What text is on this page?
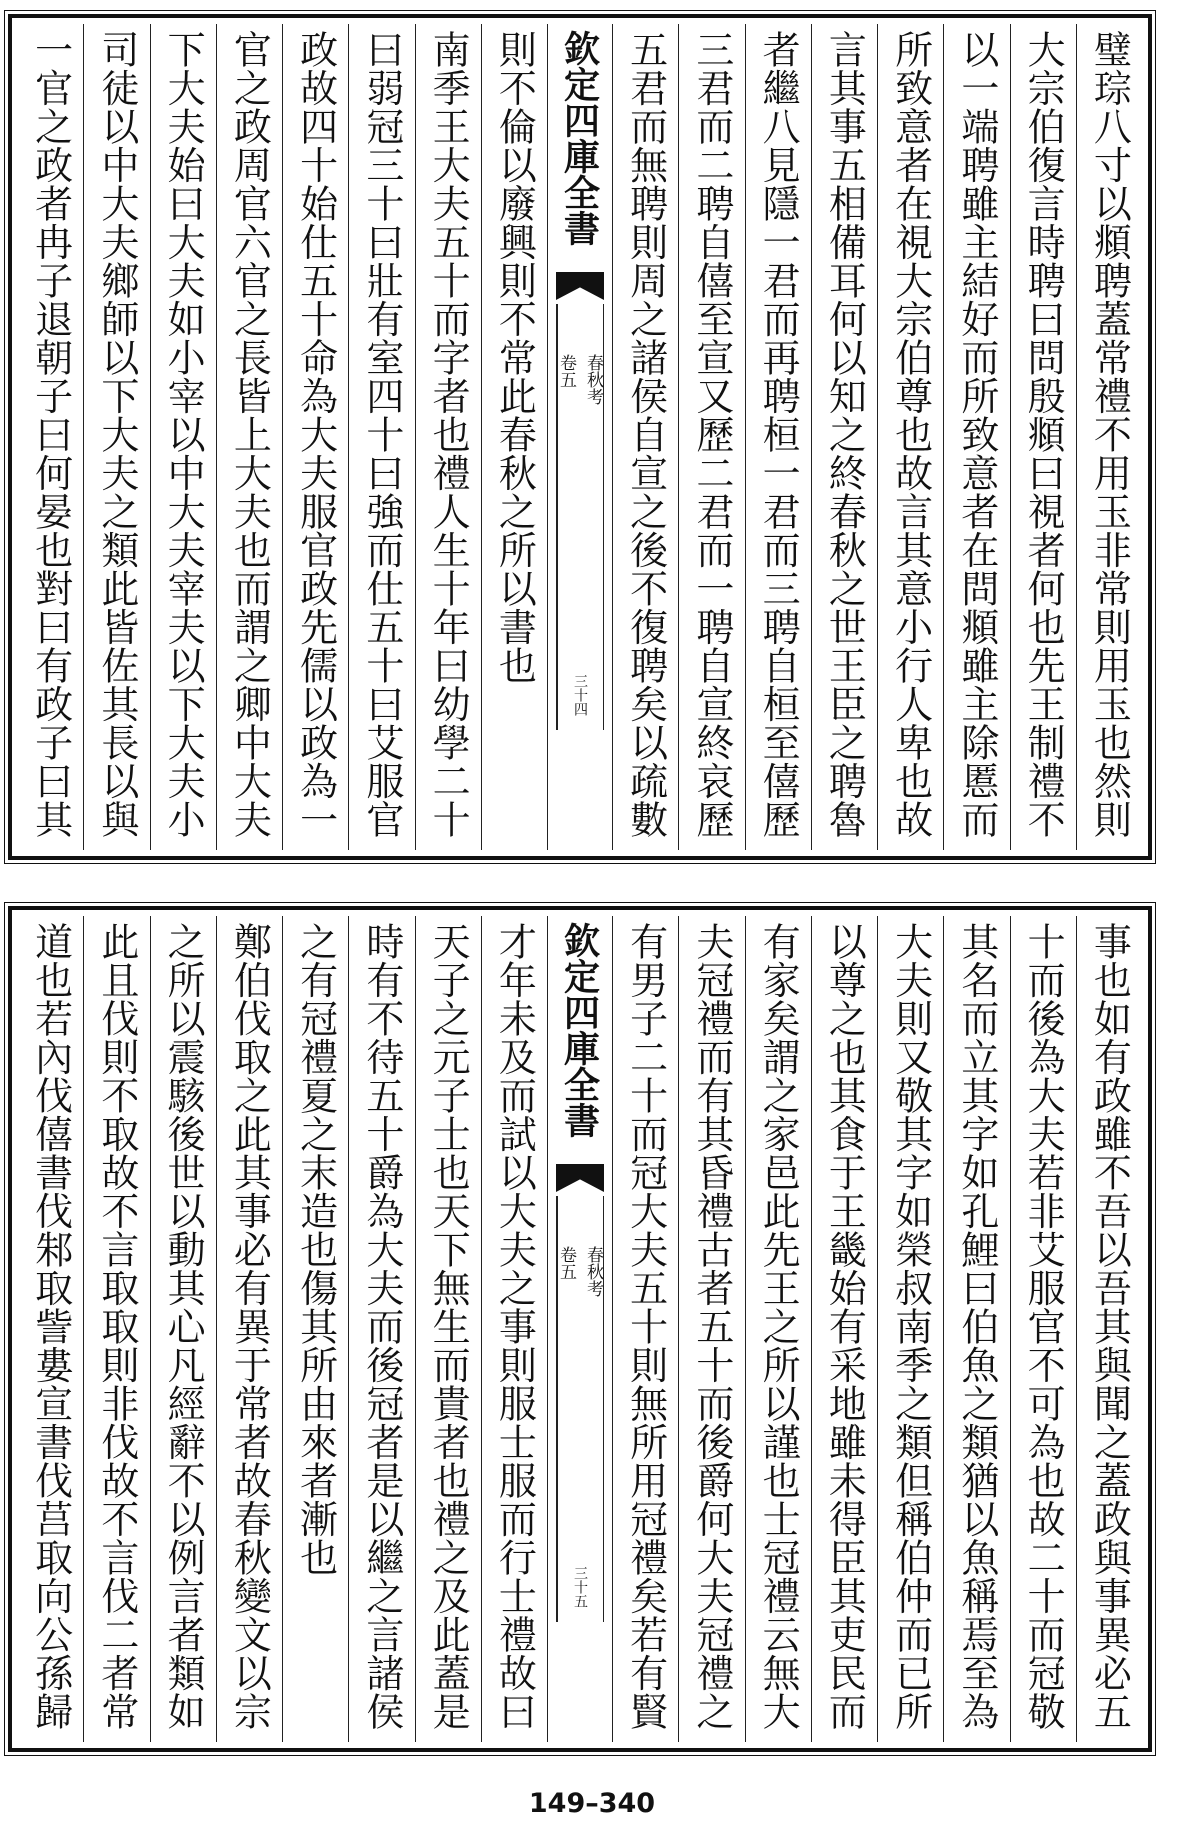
璧琮八寸以頫聘蓋常禮不用玉非常則用玉也然則
大宗伯復言時聘曰問殷頫曰視者何也先王制禮不
以一端聘雖主結好而所致意者在問頫雖主除慝而
所致意者在視大宗伯尊也故言其意小行人卑也故
言其事五相備耳何以知之終春秋之世王臣之聘魯
者繼八見隱一君而再聘桓一君而三聘自桓至僖歷
三君而二聘自僖至宣又歷二君而一聘自宣終哀歷
五君而無聘則周之諸侯自宣之後不復聘矣以疏數
欽定四庫全書
春秋考
卷五
三十四
則不倫以廢興則不常此春秋之所以書也
南季王大夫五十而字者也禮人生十年曰幼學二十
曰弱冠三十曰壯有室四十曰強而仕五十曰艾服官
政故四十始仕五十命為大夫服官政先儒以政為一
官之政周官六官之長皆上大夫也而謂之卿中大夫
下大夫始曰大夫如小宰以中大夫宰夫以下大夫小
司徒以中大夫鄉師以下大夫之類此皆佐其長以與
一官之政者冉子退朝子曰何晏也對曰有政子曰其
事也如有政雖不吾以吾其與聞之蓋政與事異必五
十而後為大夫若非艾服官不可為也故二十而冠敬
其名而立其字如孔鯉曰伯魚之類猶以魚稱焉至為
大夫則又敬其字如榮叔南季之類但稱伯仲而已所
以尊之也其食于王畿始有采地雖未得臣其吏民而
有家矣謂之家邑此先王之所以謹也士冠禮云無大
夫冠禮而有其昏禮古者五十而後爵何大夫冠禮之
有男子二十而冠大夫五十則無所用冠禮矣若有賢
欽定四庫全書
春秋考
卷五
三十五
才年未及而試以大夫之事則服士服而行士禮故曰
天子之元子士也天下無生而貴者也禮之及此蓋是
時有不待五十爵為大夫而後冠者是以繼之言諸侯
之有冠禮夏之末造也傷其所由來者漸也
鄭伯伐取之此其事必有異于常者故春秋變文以宗
之所以震駭後世以動其心凡經辭不以例言者類如
此且伐則不取故不言取取則非伐故不言伐二者常
道也若內伐僖書伐邾取訾婁宣書伐莒取向公孫歸
149–340
